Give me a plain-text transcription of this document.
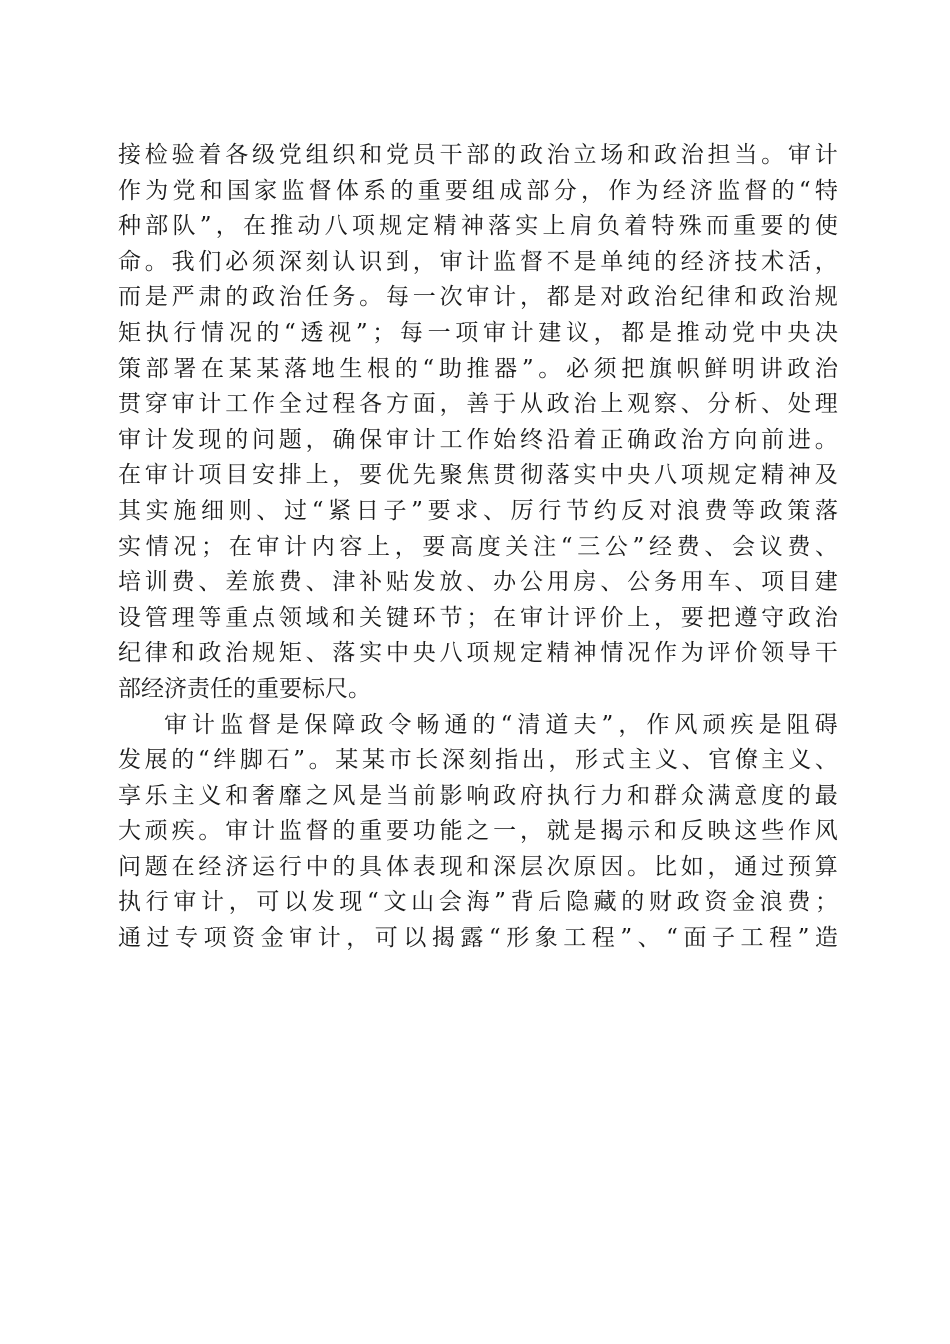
接 检 验 着 各 级 党 组 织 和 党 员 干 部 的 政 治 立 场 和 政 治 担 当 。 审 计
作 为 党 和 国 家 监 督 体 系 的 重 要 组 成 部 分 ， 作 为 经 济 监 督 的 “ 特
种 部 队 ” ， 在 推 动 八 项 规 定 精 神 落 实 上 肩 负 着 特 殊 而 重 要 的 使
命 。 我 们 必 须 深 刻 认 识 到 ， 审 计 监 督 不 是 单 纯 的 经 济 技 术 活 ，
而 是 严 肃 的 政 治 任 务 。 每 一 次 审 计 ， 都 是 对 政 治 纪 律 和 政 治 规
矩 执 行 情 况 的 “ 透 视 ” ； 每 一 项 审 计 建 议 ， 都 是 推 动 党 中 央 决
策 部 署 在 某 某 落 地 生 根 的 “ 助 推 器 ” 。 必 须 把 旗 帜 鲜 明 讲 政 治
贯 穿 审 计 工 作 全 过 程 各 方 面 ， 善 于 从 政 治 上 观 察 、 分 析 、 处 理
审 计 发 现 的 问 题 ， 确 保 审 计 工 作 始 终 沿 着 正 确 政 治 方 向 前 进 。
在 审 计 项 目 安 排 上 ， 要 优 先 聚 焦 贯 彻 落 实 中 央 八 项 规 定 精 神 及
其 实 施 细 则 、 过 “ 紧 日 子 ” 要 求 、 厉 行 节 约 反 对 浪 费 等 政 策 落
实 情 况 ； 在 审 计 内 容 上 ， 要 高 度 关 注 “ 三 公 ” 经 费 、 会 议 费 、
培 训 费 、 差 旅 费 、 津 补 贴 发 放 、 办 公 用 房 、 公 务 用 车 、 项 目 建
设 管 理 等 重 点 领 域 和 关 键 环 节 ； 在 审 计 评 价 上 ， 要 把 遵 守 政 治
纪 律 和 政 治 规 矩 、 落 实 中 央 八 项 规 定 精 神 情 况 作 为 评 价 领 导 干
部经济责任的重要标尺。
审 计 监 督 是 保 障 政 令 畅 通 的 “ 清 道 夫 ” ， 作 风 顽 疾 是 阻 碍
发 展 的 “ 绊 脚 石 ” 。 某 某 市 长 深 刻 指 出 ， 形 式 主 义 、 官 僚 主 义 、
享 乐 主 义 和 奢 靡 之 风 是 当 前 影 响 政 府 执 行 力 和 群 众 满 意 度 的 最
大 顽 疾 。 审 计 监 督 的 重 要 功 能 之 一 ， 就 是 揭 示 和 反 映 这 些 作 风
问 题 在 经 济 运 行 中 的 具 体 表 现 和 深 层 次 原 因 。 比 如 ， 通 过 预 算
执 行 审 计 ， 可 以 发 现 “ 文 山 会 海 ” 背 后 隐 藏 的 财 政 资 金 浪 费 ；
通 过 专 项 资 金 审 计 ， 可 以 揭 露 “ 形 象 工 程 ” 、 “ 面 子 工 程 ” 造
